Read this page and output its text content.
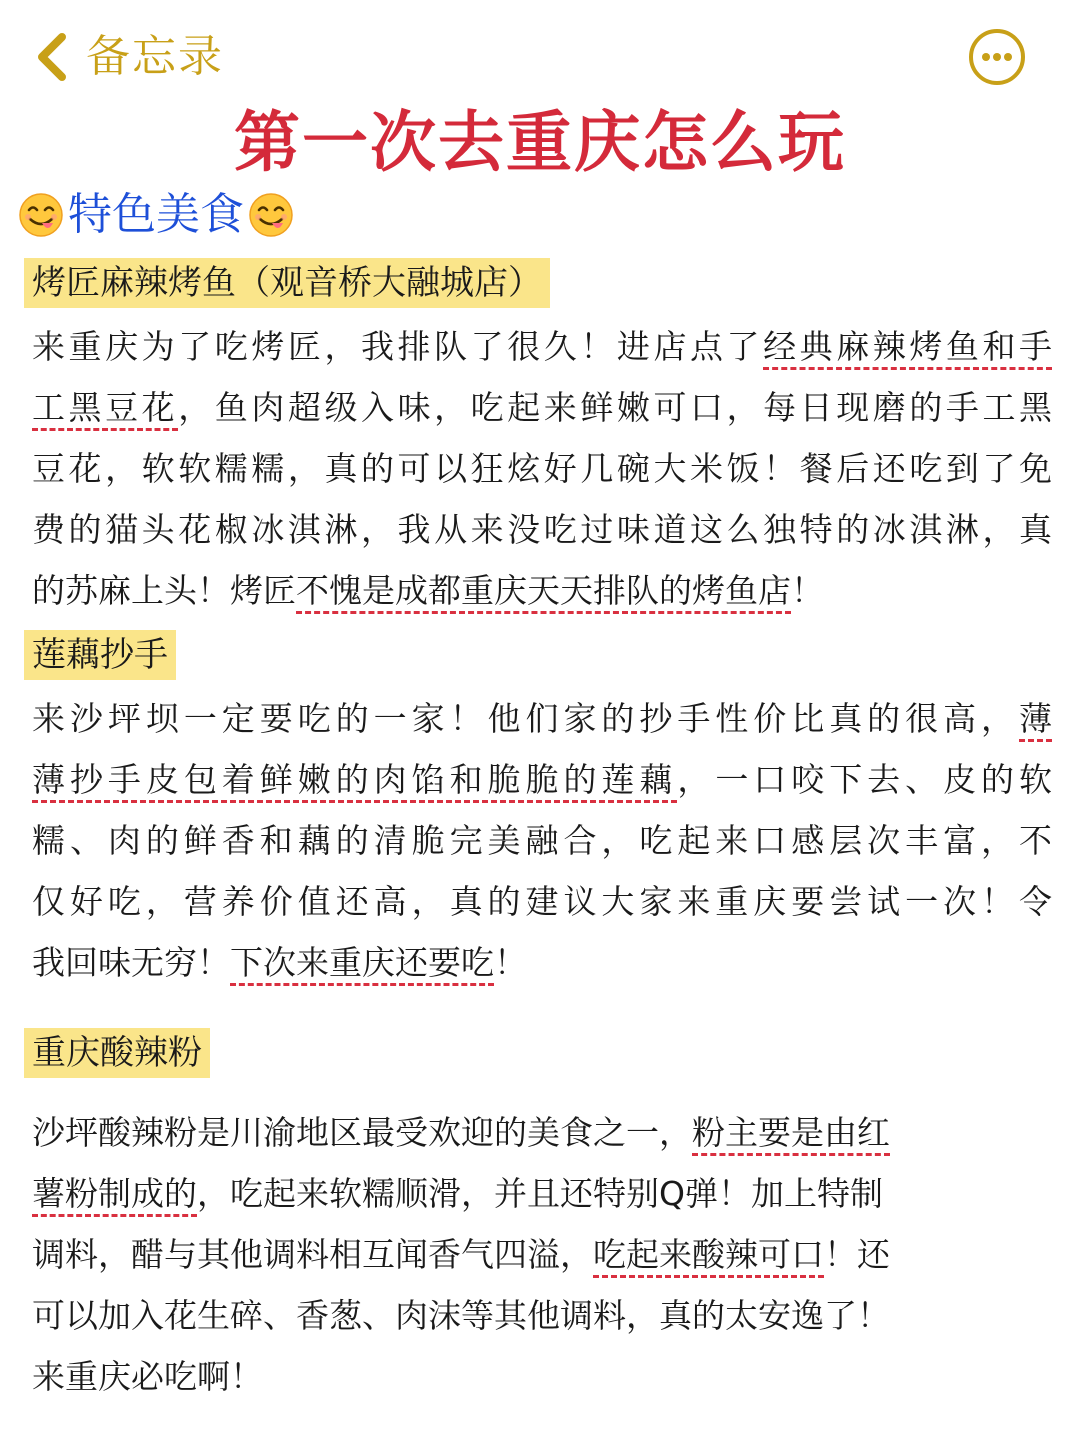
备忘录
第一次去重庆怎么玩
特色美食
烤匠麻辣烤鱼（观音桥大融城店）
来重庆为了吃烤匠，我排队了很久！进店点了经典麻辣烤鱼和手
工黑豆花，鱼肉超级入味，吃起来鲜嫩可口，每日现磨的手工黑
豆花，软软糯糯，真的可以狂炫好几碗大米饭！餐后还吃到了免
费的猫头花椒冰淇淋，我从来没吃过味道这么独特的冰淇淋，真
的苏麻上头！烤匠不愧是成都重庆天天排队的烤鱼店！
莲藕抄手
来沙坪坝一定要吃的一家！他们家的抄手性价比真的很高，薄
薄抄手皮包着鲜嫩的肉馅和脆脆的莲藕，一口咬下去、皮的软
糯、肉的鲜香和藕的清脆完美融合，吃起来口感层次丰富，不
仅好吃，营养价值还高，真的建议大家来重庆要尝试一次！令
我回味无穷！下次来重庆还要吃！
重庆酸辣粉
沙坪酸辣粉是川渝地区最受欢迎的美食之一，粉主要是由红
薯粉制成的，吃起来软糯顺滑，并且还特别Q弹！加上特制
调料，醋与其他调料相互闻香气四溢，吃起来酸辣可口！还
可以加入花生碎、香葱、肉沫等其他调料，真的太安逸了！
来重庆必吃啊！
